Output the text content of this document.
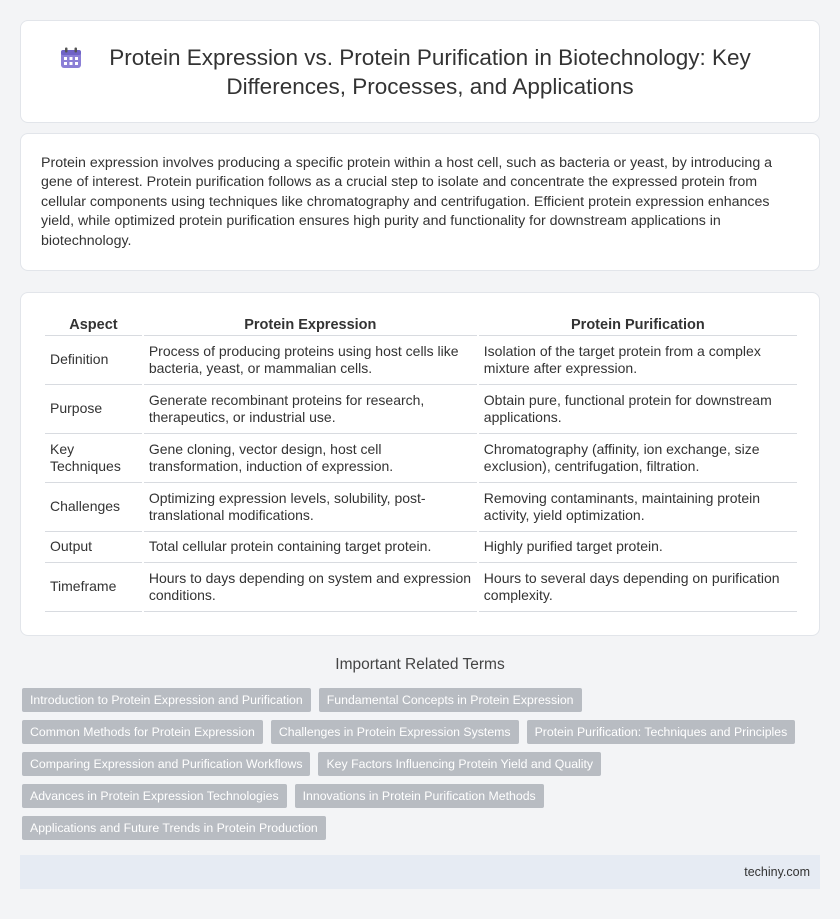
Protein Expression vs. Protein Purification in Biotechnology: Key Differences, Processes, and Applications

Protein expression involves producing a specific protein within a host cell, such as bacteria or yeast, by introducing a gene of interest. Protein purification follows as a crucial step to isolate and concentrate the expressed protein from cellular components using techniques like chromatography and centrifugation. Efficient protein expression enhances yield, while optimized protein purification ensures high purity and functionality for downstream applications in biotechnology.

Aspect	Protein Expression	Protein Purification
Definition	Process of producing proteins using host cells like bacteria, yeast, or mammalian cells.	Isolation of the target protein from a complex mixture after expression.
Purpose	Generate recombinant proteins for research, therapeutics, or industrial use.	Obtain pure, functional protein for downstream applications.
Key Techniques	Gene cloning, vector design, host cell transformation, induction of expression.	Chromatography (affinity, ion exchange, size exclusion), centrifugation, filtration.
Challenges	Optimizing expression levels, solubility, post-translational modifications.	Removing contaminants, maintaining protein activity, yield optimization.
Output	Total cellular protein containing target protein.	Highly purified target protein.
Timeframe	Hours to days depending on system and expression conditions.	Hours to several days depending on purification complexity.
Important Related Terms
Introduction to Protein Expression and Purification	Fundamental Concepts in Protein Expression
Common Methods for Protein Expression	Challenges in Protein Expression Systems	Protein Purification: Techniques and Principles
Comparing Expression and Purification Workflows	Key Factors Influencing Protein Yield and Quality
Advances in Protein Expression Technologies	Innovations in Protein Purification Methods
Applications and Future Trends in Protein Production
techiny.com
